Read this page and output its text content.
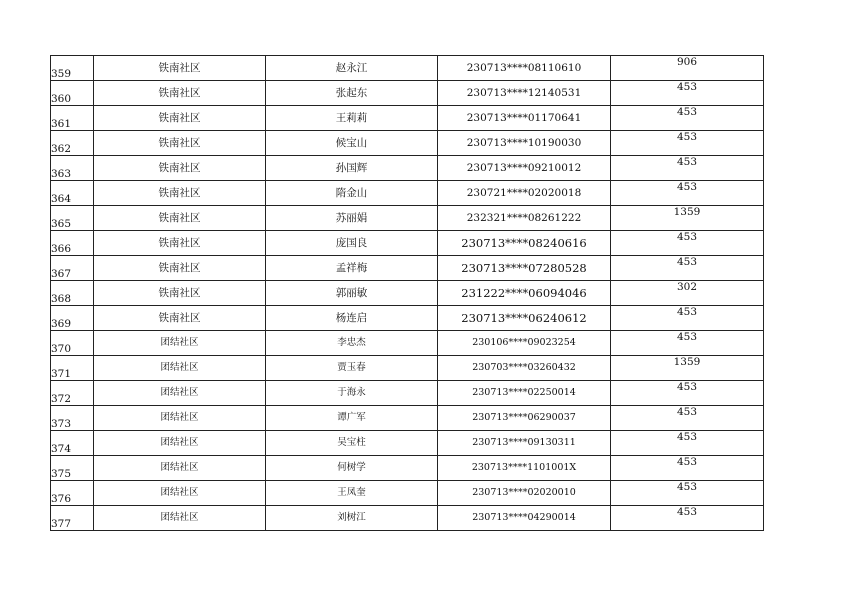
359	铁南社区	赵永江	230713****08110610	906
360	铁南社区	张起东	230713****12140531	453
361	铁南社区	王莉莉	230713****01170641	453
362	铁南社区	候宝山	230713****10190030	453
363	铁南社区	孙国辉	230713****09210012	453
364	铁南社区	隋金山	230721****02020018	453
365	铁南社区	苏丽娟	232321****08261222	1359
366	铁南社区	庞国良	230713****08240616	453
367	铁南社区	孟祥梅	230713****07280528	453
368	铁南社区	郭丽敏	231222****06094046	302
369	铁南社区	杨连启	230713****06240612	453
370	团结社区	李忠杰	230106****09023254	453
371	团结社区	贾玉春	230703****03260432	1359
372	团结社区	于海永	230713****02250014	453
373	团结社区	谭广军	230713****06290037	453
374	团结社区	吴宝柱	230713****09130311	453
375	团结社区	何树学	230713****1101001X	453
376	团结社区	王凤奎	230713****02020010	453
377	团结社区	刘树江	230713****04290014	453
